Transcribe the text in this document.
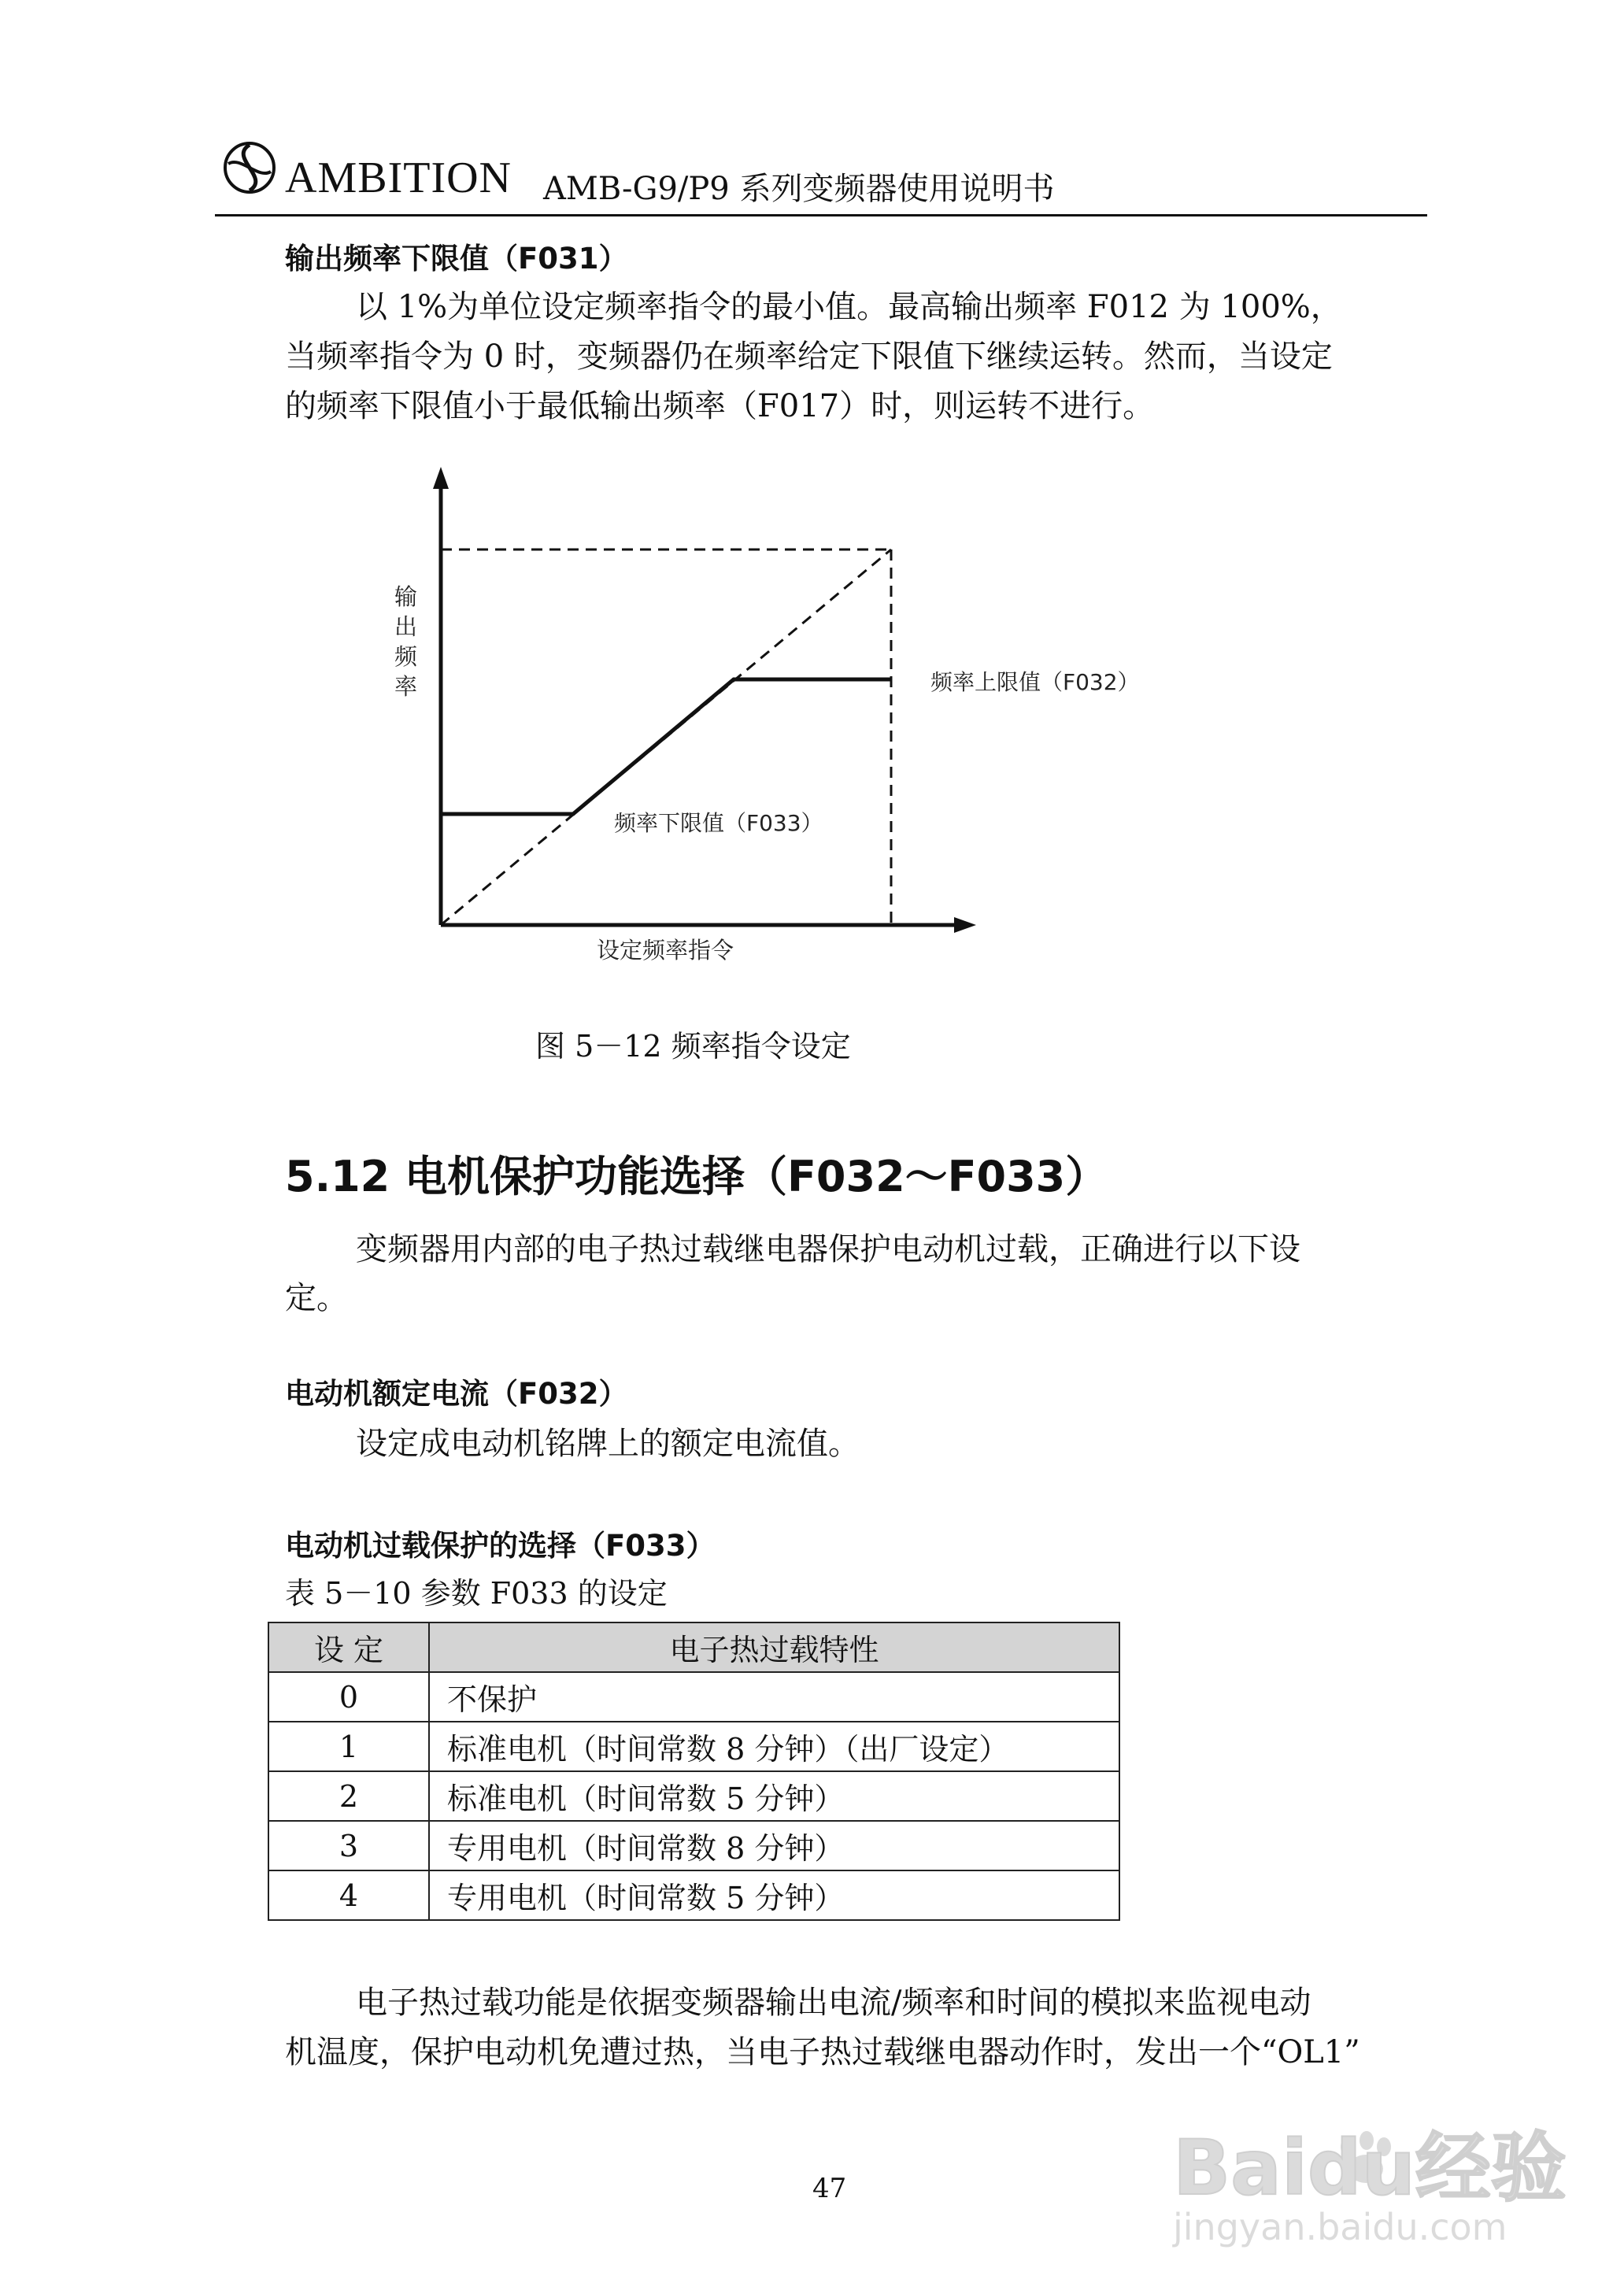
AMBITION AMB-G9/P9 系列变频器使用说明书
输出频率下限值（F031）
以 1%为单位设定频率指令的最小值。最高输出频率 F012 为 100%，
当频率指令为 0 时，变频器仍在频率给定下限值下继续运转。然而，当设定
的频率下限值小于最低输出频率（F017）时，则运转不进行。
输
出
频
率	频率上限值（F032）
频率下限值（F033）
设定频率指令
图 5－12 频率指令设定
5.12 电机保护功能选择（F032～F033）
变频器用内部的电子热过载继电器保护电动机过载，正确进行以下设
定。
电动机额定电流（F032）
设定成电动机铭牌上的额定电流值。
电动机过载保护的选择（F033）
表 5－10 参数 F033 的设定
设 定	电子热过载特性
0	不保护
1	标准电机（时间常数 8 分钟）（出厂设定）
2	标准电机（时间常数 5 分钟）
3	专用电机（时间常数 8 分钟）
4	专用电机（时间常数 5 分钟）
电子热过载功能是依据变频器输出电流/频率和时间的模拟来监视电动
机温度，保护电动机免遭过热，当电子热过载继电器动作时，发出一个“OL1”
47	Baidu经验
jingyan.baidu.com
